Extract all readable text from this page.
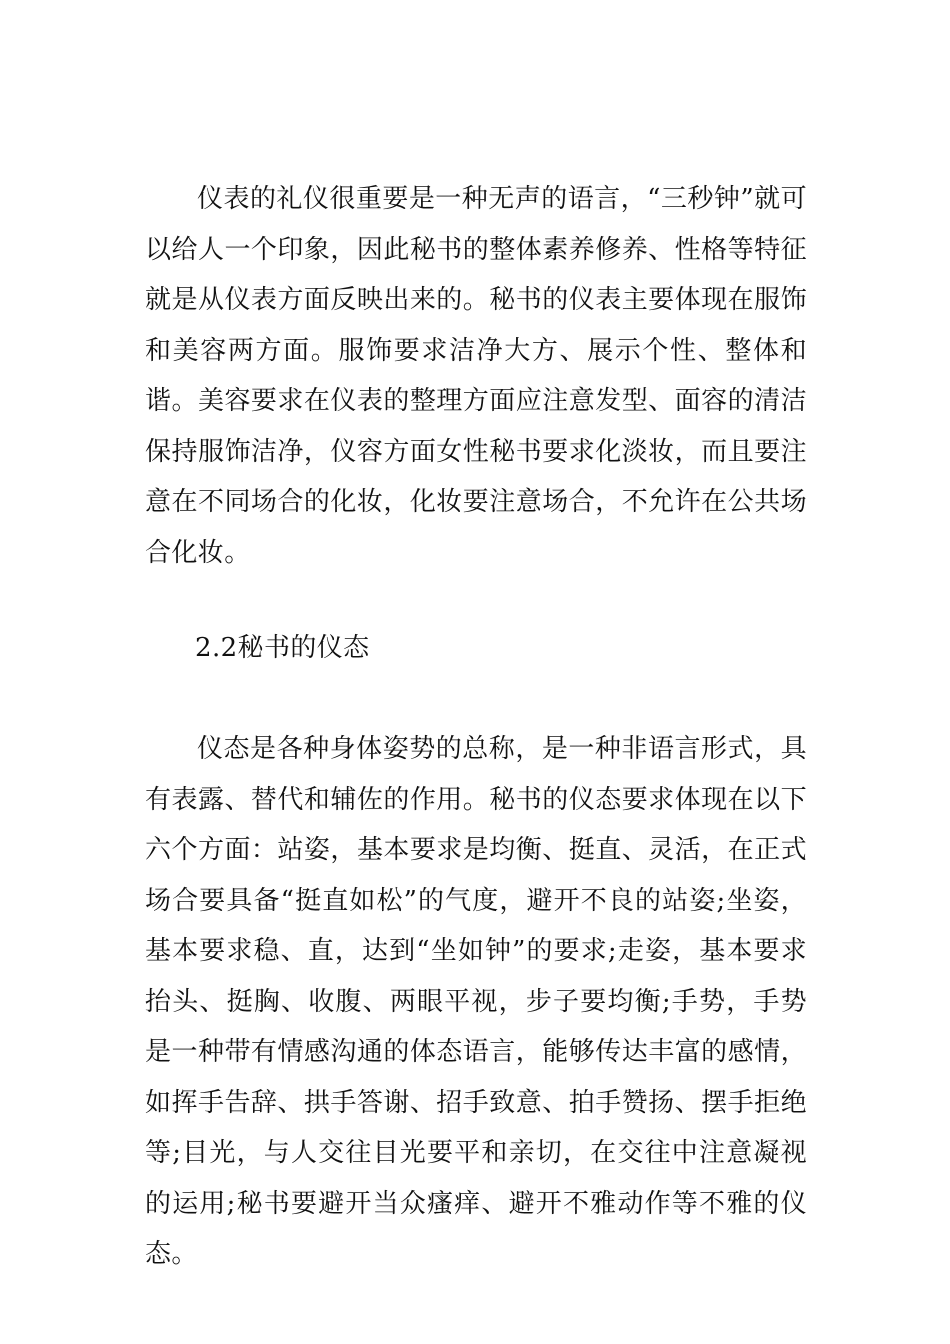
仪表的礼仪很重要是一种无声的语言，“三秒钟”就可以给人一个印象，因此秘书的整体素养修养、性格等特征就是从仪表方面反映出来的。秘书的仪表主要体现在服饰和美容两方面。服饰要求洁净大方、展示个性、整体和谐。美容要求在仪表的整理方面应注意发型、面容的清洁保持服饰洁净，仪容方面女性秘书要求化淡妆，而且要注意在不同场合的化妆，化妆要注意场合，不允许在公共场合化妆。

2.2秘书的仪态

仪态是各种身体姿势的总称，是一种非语言形式，具有表露、替代和辅佐的作用。秘书的仪态要求体现在以下六个方面：站姿，基本要求是均衡、挺直、灵活，在正式场合要具备“挺直如松”的气度，避开不良的站姿;坐姿，基本要求稳、直，达到“坐如钟”的要求;走姿，基本要求抬头、挺胸、收腹、两眼平视，步子要均衡;手势，手势是一种带有情感沟通的体态语言，能够传达丰富的感情，如挥手告辞、拱手答谢、招手致意、拍手赞扬、摆手拒绝等;目光，与人交往目光要平和亲切，在交往中注意凝视的运用;秘书要避开当众瘙痒、避开不雅动作等不雅的仪态。
